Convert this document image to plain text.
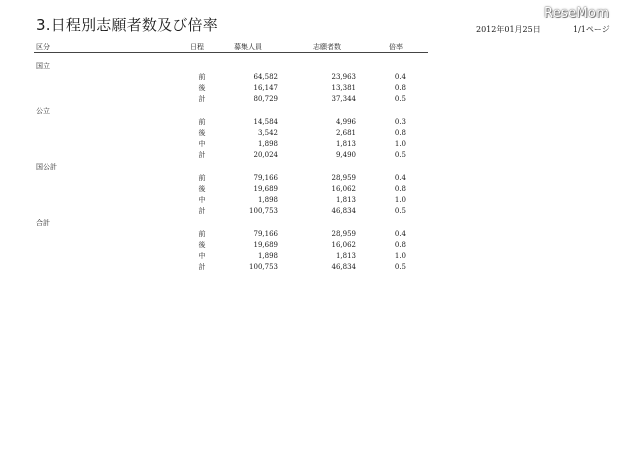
3.日程別志願者数及び倍率	2012年01月25日	1/1ページ
ReseMom
区分	日程	募集人員	志願者数	倍率
国立
前	64,582	23,963	0.4
後	16,147	13,381	0.8
計	80,729	37,344	0.5
公立
前	14,584	4,996	0.3
後	3,542	2,681	0.8
中	1,898	1,813	1.0
計	20,024	9,490	0.5
国公計
前	79,166	28,959	0.4
後	19,689	16,062	0.8
中	1,898	1,813	1.0
計	100,753	46,834	0.5
合計
前	79,166	28,959	0.4
後	19,689	16,062	0.8
中	1,898	1,813	1.0
計	100,753	46,834	0.5
